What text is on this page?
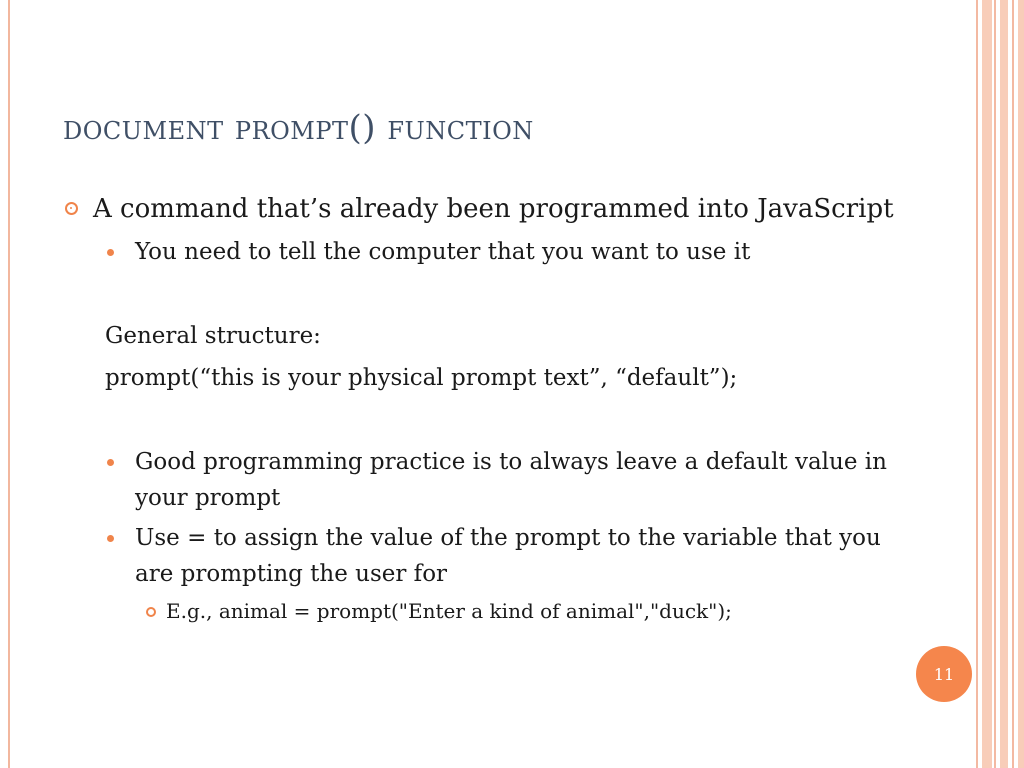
document prompt() function
A command that’s already been programmed into JavaScript
You need to tell the computer that you want to use it
General structure:
prompt(“this is your physical prompt text”, “default”);
Good programming practice is to always leave a default value in your prompt
Use = to assign the value of the prompt to the variable that you are prompting the user for
E.g., animal = prompt("Enter a kind of animal","duck");
11
